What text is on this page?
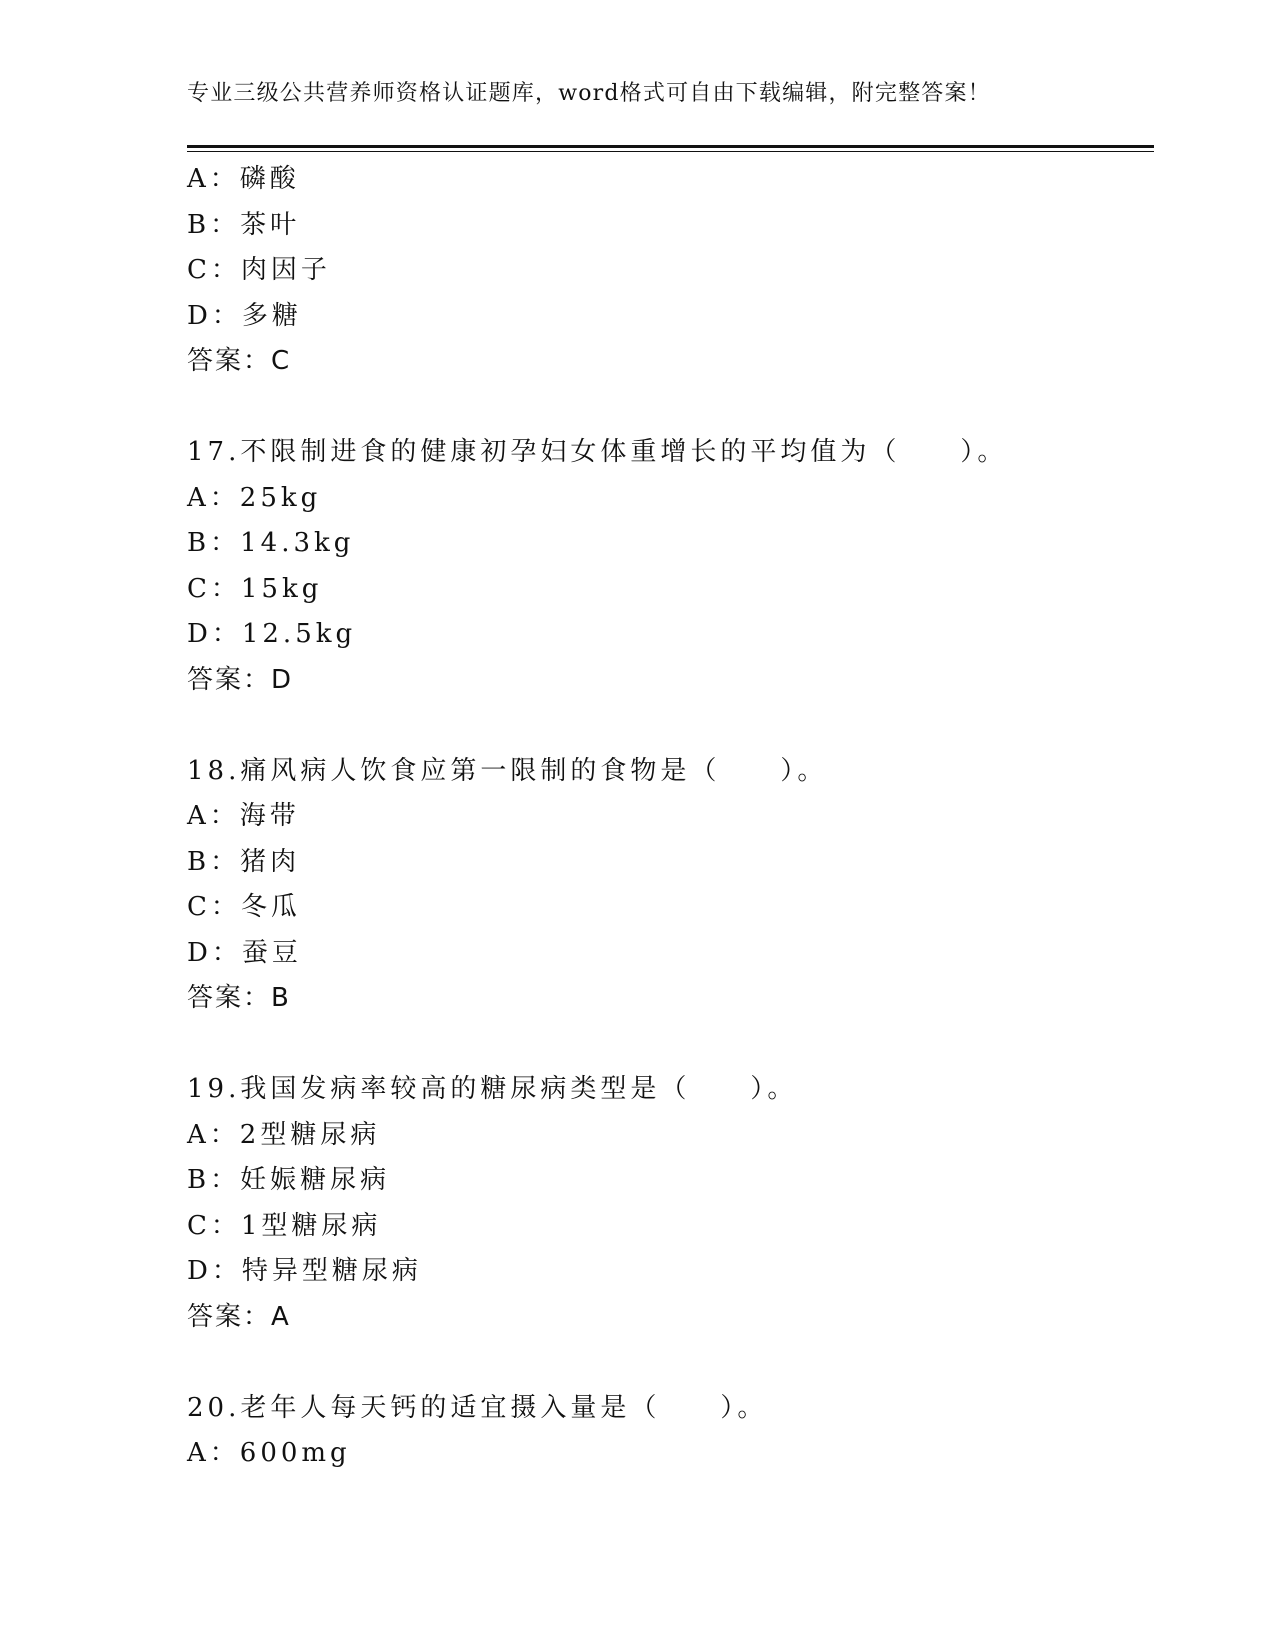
专业三级公共营养师资格认证题库，word格式可自由下载编辑，附完整答案！
A：磷酸
B：茶叶
C：肉因子
D：多糖
答案：C
17.不限制进食的健康初孕妇女体重增长的平均值为（　　）。
A：25kg
B：14.3kg
C：15kg
D：12.5kg
答案：D
18.痛风病人饮食应第一限制的食物是（　　）。
A：海带
B：猪肉
C：冬瓜
D：蚕豆
答案：B
19.我国发病率较高的糖尿病类型是（　　）。
A：2型糖尿病
B：妊娠糖尿病
C：1型糖尿病
D：特异型糖尿病
答案：A
20.老年人每天钙的适宜摄入量是（　　）。
A：600mg
